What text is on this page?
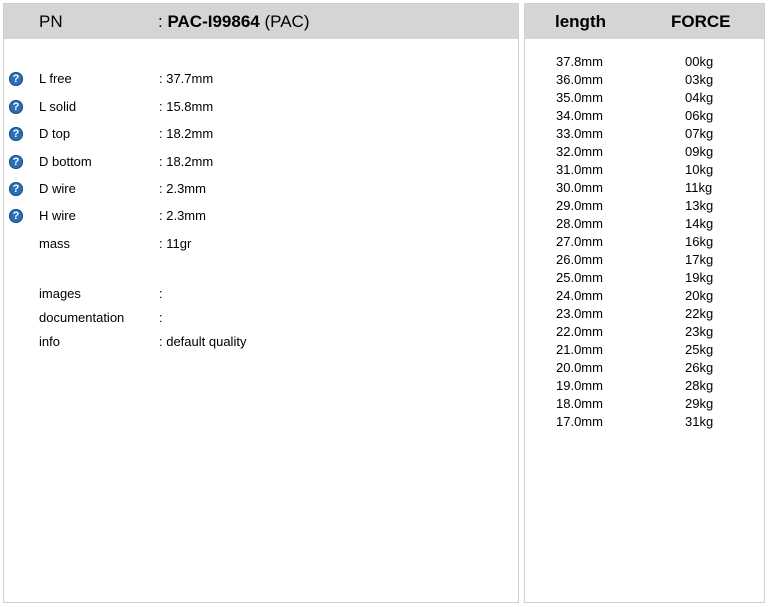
PN	: PAC-I99864 (PAC)
? L free	: 37.7mm
? L solid	: 15.8mm
? D top	: 18.2mm
? D bottom	: 18.2mm
? D wire	: 2.3mm
? H wire	: 2.3mm
mass	: 11gr
images	:
documentation	:
info	: default quality
length	FORCE
37.8mm	00kg
36.0mm	03kg
35.0mm	04kg
34.0mm	06kg
33.0mm	07kg
32.0mm	09kg
31.0mm	10kg
30.0mm	11kg
29.0mm	13kg
28.0mm	14kg
27.0mm	16kg
26.0mm	17kg
25.0mm	19kg
24.0mm	20kg
23.0mm	22kg
22.0mm	23kg
21.0mm	25kg
20.0mm	26kg
19.0mm	28kg
18.0mm	29kg
17.0mm	31kg
